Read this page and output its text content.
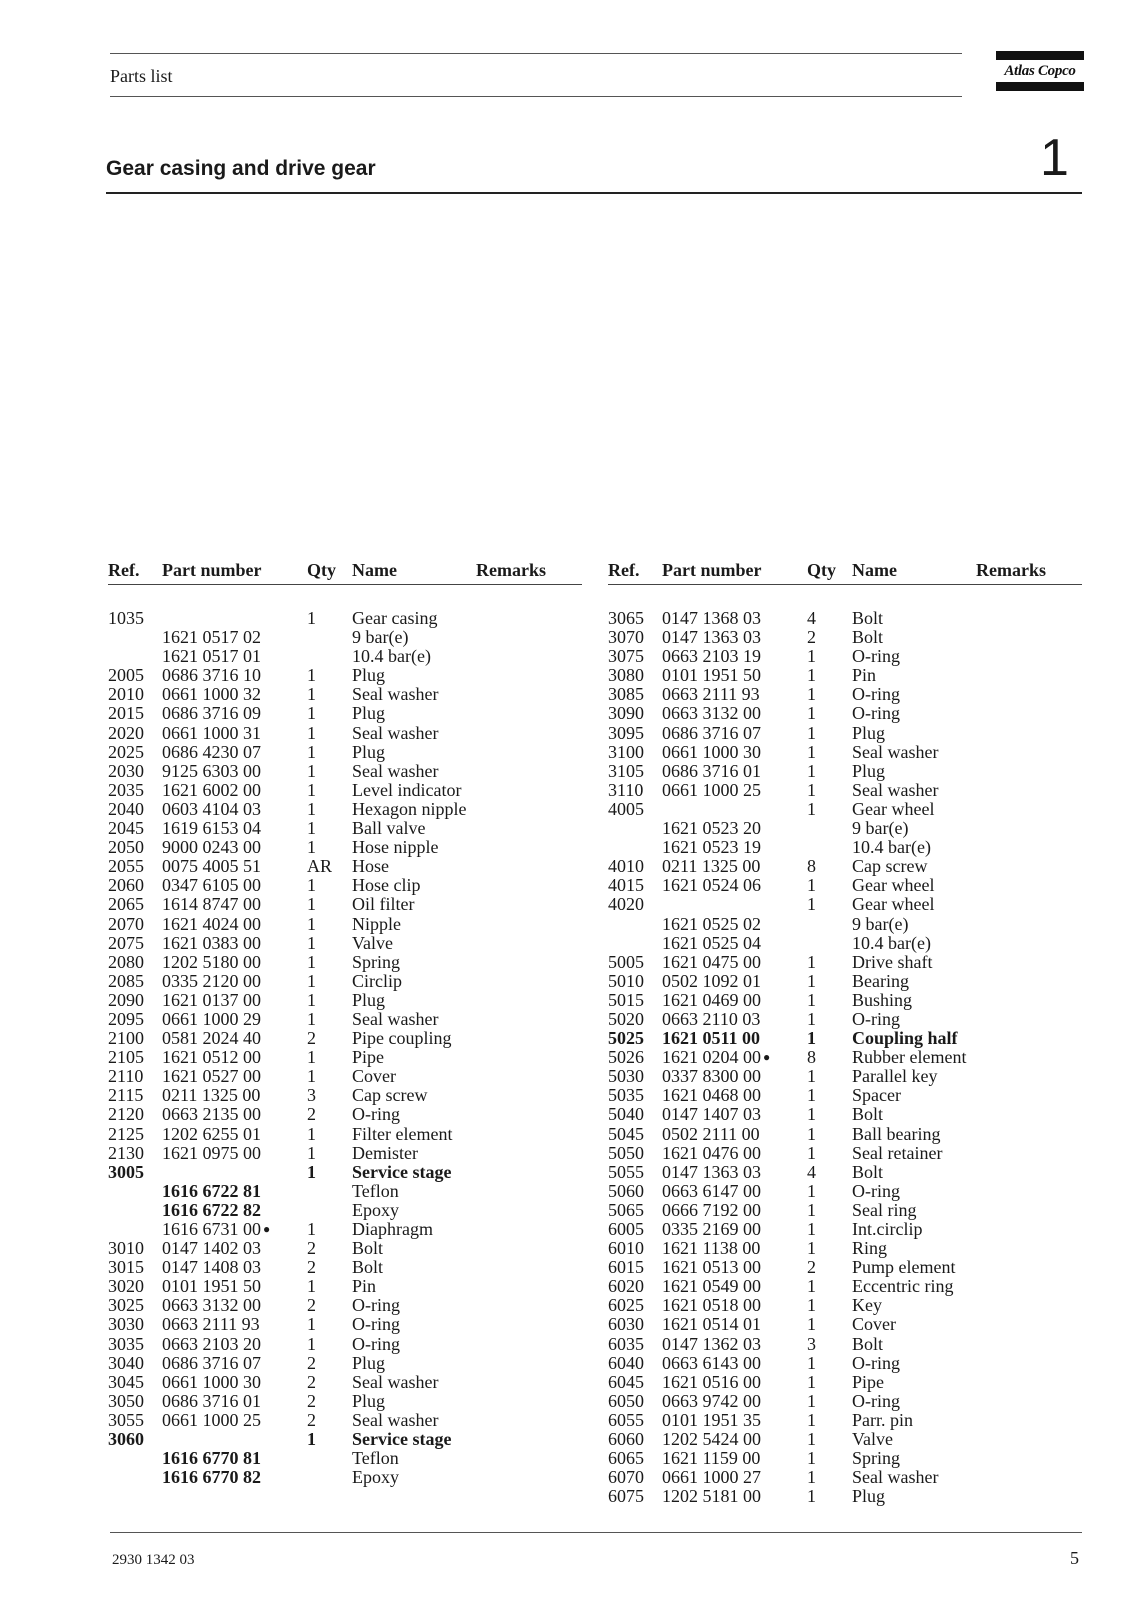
Parts list	Atlas Copco
Gear casing and drive gear	1
Ref.	Part number	Qty Name	Remarks
1035	1	Gear casing
1621 0517 02	9 bar(e)
1621 0517 01	10.4 bar(e)
2005	0686 3716 10	1	Plug
2010	0661 1000 32	1	Seal washer
2015	0686 3716 09	1	Plug
2020	0661 1000 31	1	Seal washer
2025	0686 4230 07	1	Plug
2030	9125 6303 00	1	Seal washer
2035	1621 6002 00	1	Level indicator
2040	0603 4104 03	1	Hexagon nipple
2045	1619 6153 04	1	Ball valve
2050	9000 0243 00	1	Hose nipple
2055	0075 4005 51	AR	Hose
2060	0347 6105 00	1	Hose clip
2065	1614 8747 00	1	Oil filter
2070	1621 4024 00	1	Nipple
2075	1621 0383 00	1	Valve
2080	1202 5180 00	1	Spring
2085	0335 2120 00	1	Circlip
2090	1621 0137 00	1	Plug
2095	0661 1000 29	1	Seal washer
2100	0581 2024 40	2	Pipe coupling
2105	1621 0512 00	1	Pipe
2110	1621 0527 00	1	Cover
2115	0211 1325 00	3	Cap screw
2120	0663 2135 00	2	O-ring
2125	1202 6255 01	1	Filter element
2130	1621 0975 00	1	Demister
3005	1	Service stage
1616 6722 81	Teflon
1616 6722 82	Epoxy
1616 6731 00 ●	1	Diaphragm
3010	0147 1402 03	2	Bolt
3015	0147 1408 03	2	Bolt
3020	0101 1951 50	1	Pin
3025	0663 3132 00	2	O-ring
3030	0663 2111 93	1	O-ring
3035	0663 2103 20	1	O-ring
3040	0686 3716 07	2	Plug
3045	0661 1000 30	2	Seal washer
3050	0686 3716 01	2	Plug
3055	0661 1000 25	2	Seal washer
3060	1	Service stage
1616 6770 81	Teflon
1616 6770 82	Epoxy
Ref.	Part number	Qty Name	Remarks
3065	0147 1368 03	4	Bolt
3070	0147 1363 03	2	Bolt
3075	0663 2103 19	1	O-ring
3080	0101 1951 50	1	Pin
3085	0663 2111 93	1	O-ring
3090	0663 3132 00	1	O-ring
3095	0686 3716 07	1	Plug
3100	0661 1000 30	1	Seal washer
3105	0686 3716 01	1	Plug
3110	0661 1000 25	1	Seal washer
4005	1	Gear wheel
1621 0523 20	9 bar(e)
1621 0523 19	10.4 bar(e)
4010	0211 1325 00	8	Cap screw
4015	1621 0524 06	1	Gear wheel
4020	1	Gear wheel
1621 0525 02	9 bar(e)
1621 0525 04	10.4 bar(e)
5005	1621 0475 00	1	Drive shaft
5010	0502 1092 01	1	Bearing
5015	1621 0469 00	1	Bushing
5020	0663 2110 03	1	O-ring
5025	1621 0511 00	1	Coupling half
5026	1621 0204 00 ●	8	Rubber element
5030	0337 8300 00	1	Parallel key
5035	1621 0468 00	1	Spacer
5040	0147 1407 03	1	Bolt
5045	0502 2111 00	1	Ball bearing
5050	1621 0476 00	1	Seal retainer
5055	0147 1363 03	4	Bolt
5060	0663 6147 00	1	O-ring
5065	0666 7192 00	1	Seal ring
6005	0335 2169 00	1	Int.circlip
6010	1621 1138 00	1	Ring
6015	1621 0513 00	2	Pump element
6020	1621 0549 00	1	Eccentric ring
6025	1621 0518 00	1	Key
6030	1621 0514 01	1	Cover
6035	0147 1362 03	3	Bolt
6040	0663 6143 00	1	O-ring
6045	1621 0516 00	1	Pipe
6050	0663 9742 00	1	O-ring
6055	0101 1951 35	1	Parr. pin
6060	1202 5424 00	1	Valve
6065	1621 1159 00	1	Spring
6070	0661 1000 27	1	Seal washer
6075	1202 5181 00	1	Plug
2930 1342 03	5
